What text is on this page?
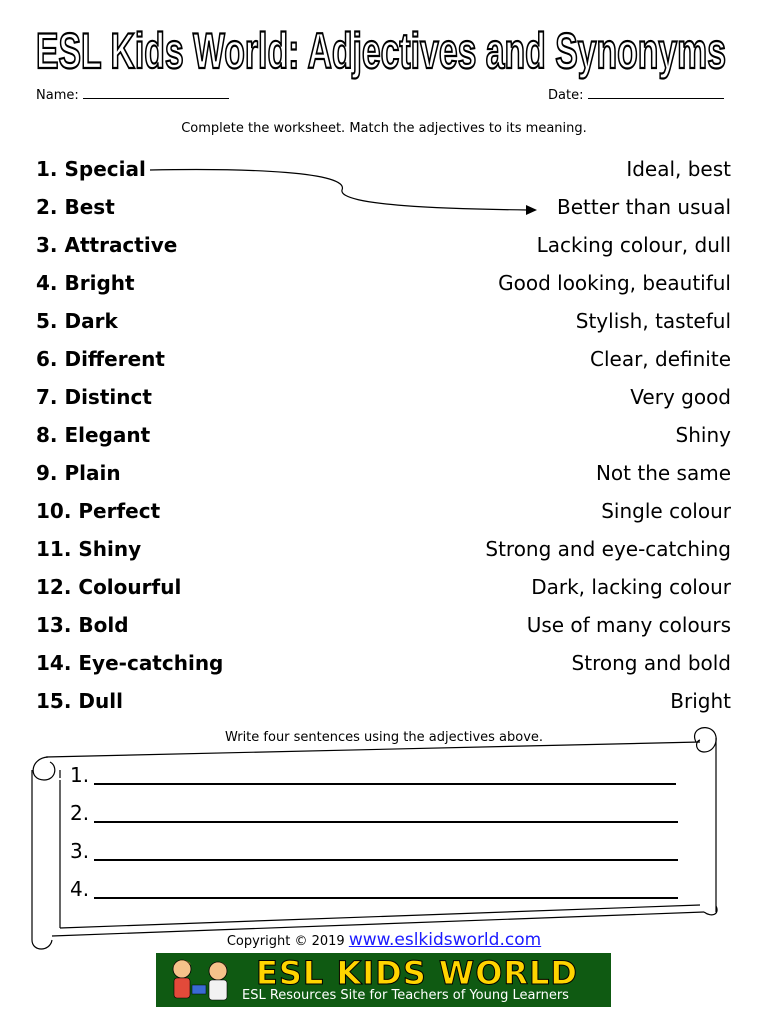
ESL Kids World: Adjectives and Synonyms
Name:	Date:
Complete the worksheet. Match the adjectives to its meaning.
1. Special	Ideal, best
2. Best	Better than usual
3. Attractive	Lacking colour, dull
4. Bright	Good looking, beautiful
5. Dark	Stylish, tasteful
6. Different	Clear, definite
7. Distinct	Very good
8. Elegant	Shiny
9. Plain	Not the same
10. Perfect	Single colour
11. Shiny	Strong and eye-catching
12. Colourful	Dark, lacking colour
13. Bold	Use of many colours
14. Eye-catching	Strong and bold
15. Dull	Bright
Write four sentences using the adjectives above.
1.
2.
3.
4.
Copyright © 2019 www.eslkidsworld.com
ESL KIDS WORLD
ESL Resources Site for Teachers of Young Learners
